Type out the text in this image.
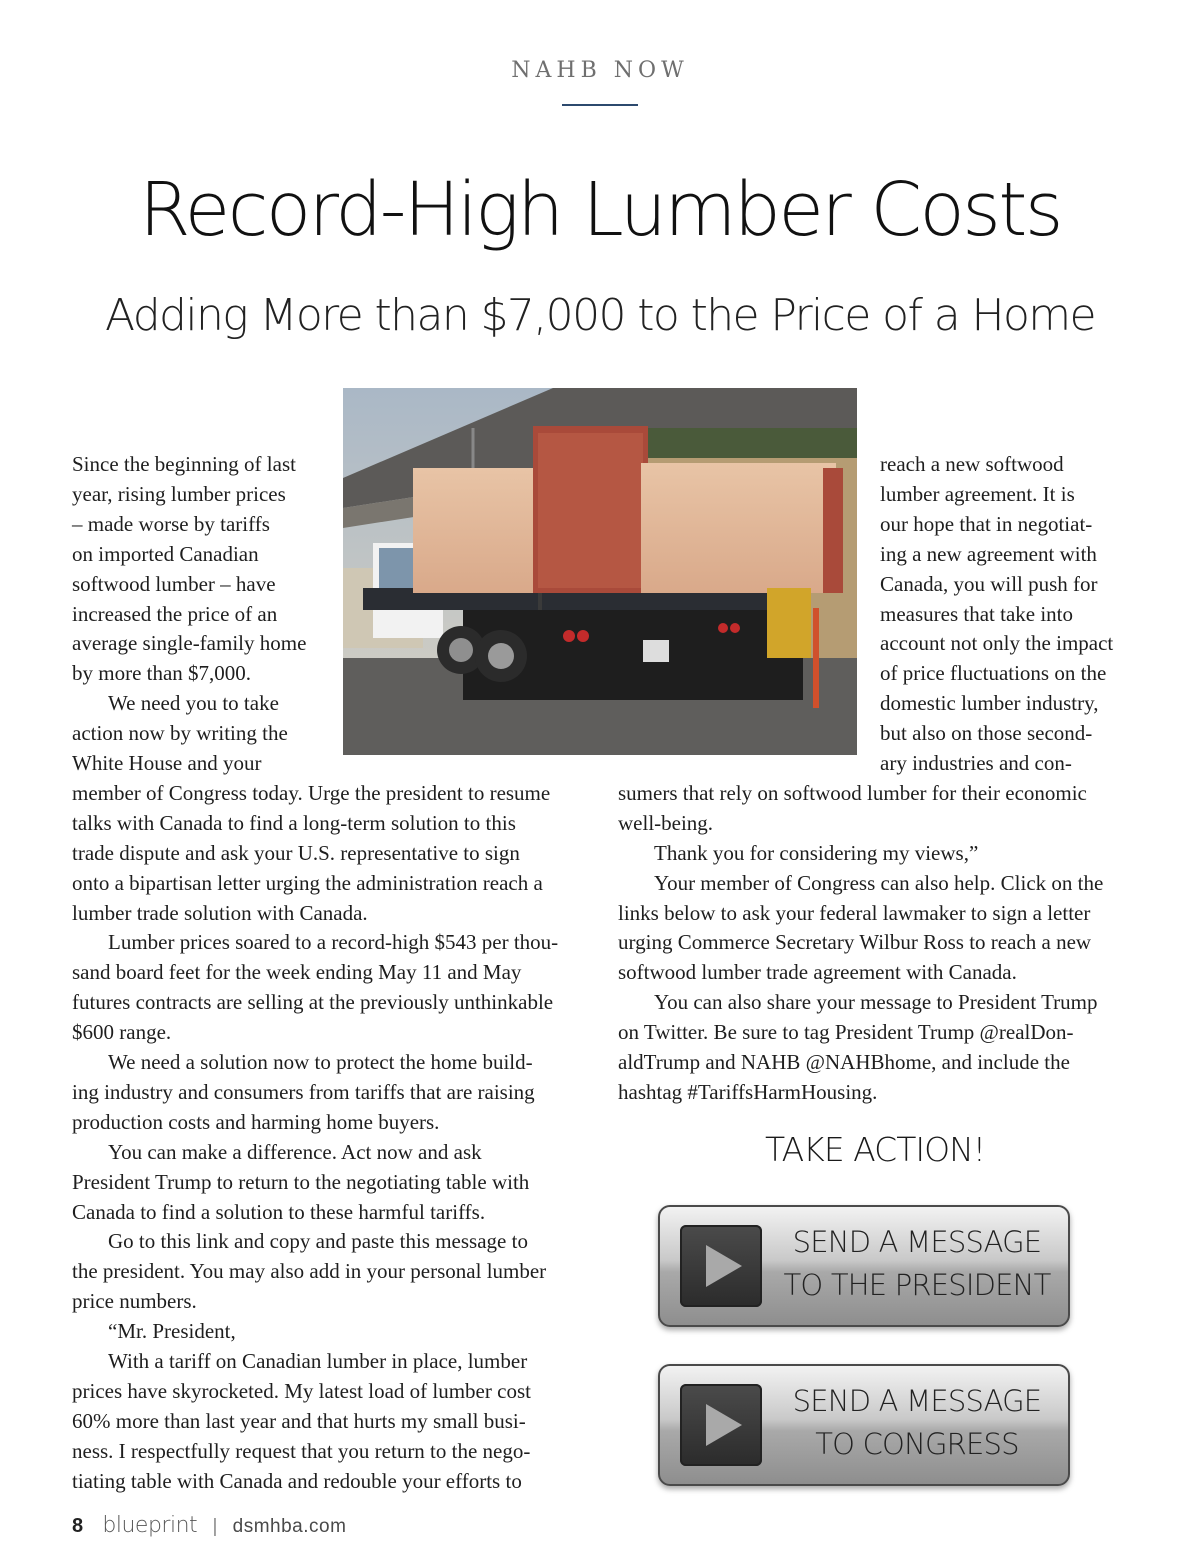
NAHB NOW
Record-High Lumber Costs
Adding More than $7,000 to the Price of a Home
Since the beginning of last
year, rising lumber prices
– made worse by tariffs
on imported Canadian
softwood lumber – have
increased the price of an
average single-family home
by more than $7,000.
We need you to take
action now by writing the
White House and your
member of Congress today. Urge the president to resume
talks with Canada to find a long-term solution to this
trade dispute and ask your U.S. representative to sign
onto a bipartisan letter urging the administration reach a
lumber trade solution with Canada.
Lumber prices soared to a record-high $543 per thou-
sand board feet for the week ending May 11 and May
futures contracts are selling at the previously unthinkable
$600 range.
We need a solution now to protect the home build-
ing industry and consumers from tariffs that are raising
production costs and harming home buyers.
You can make a difference. Act now and ask
President Trump to return to the negotiating table with
Canada to find a solution to these harmful tariffs.
Go to this link and copy and paste this message to
the president. You may also add in your personal lumber
price numbers.
“Mr. President,
With a tariff on Canadian lumber in place, lumber
prices have skyrocketed. My latest load of lumber cost
60% more than last year and that hurts my small busi-
ness. I respectfully request that you return to the nego-
tiating table with Canada and redouble your efforts to
reach a new softwood
lumber agreement. It is
our hope that in negotiat-
ing a new agreement with
Canada, you will push for
measures that take into
account not only the impact
of price fluctuations on the
domestic lumber industry,
but also on those second-
ary industries and con-
sumers that rely on softwood lumber for their economic
well-being.
Thank you for considering my views,”
Your member of Congress can also help. Click on the
links below to ask your federal lawmaker to sign a letter
urging Commerce Secretary Wilbur Ross to reach a new
softwood lumber trade agreement with Canada.
You can also share your message to President Trump
on Twitter. Be sure to tag President Trump @realDon-
aldTrump and NAHB @NAHBhome, and include the
hashtag #TariffsHarmHousing.
TAKE ACTION!
SEND A MESSAGE
TO THE PRESIDENT
SEND A MESSAGE
TO CONGRESS
8 blueprint | dsmhba.com
